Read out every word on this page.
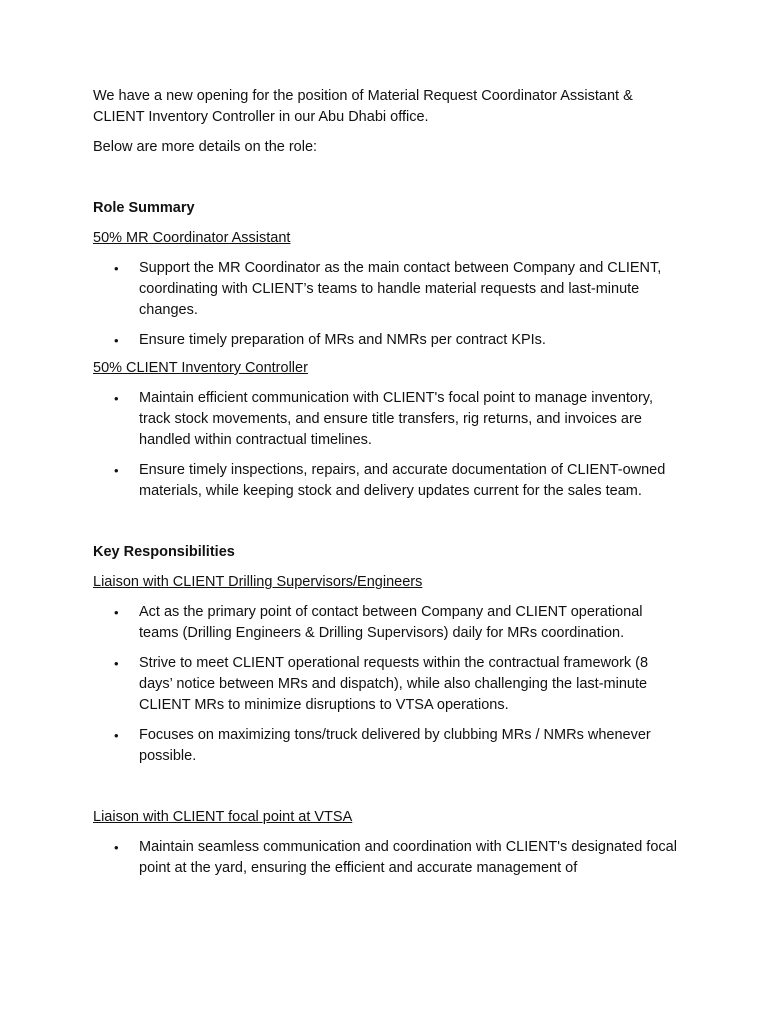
We have a new opening for the position of Material Request Coordinator Assistant & CLIENT Inventory Controller in our Abu Dhabi office.

Below are more details on the role:

Role Summary

50% MR Coordinator Assistant

• Support the MR Coordinator as the main contact between Company and CLIENT, coordinating with CLIENT’s teams to handle material requests and last-minute changes.
• Ensure timely preparation of MRs and NMRs per contract KPIs.

50% CLIENT Inventory Controller

• Maintain efficient communication with CLIENT's focal point to manage inventory, track stock movements, and ensure title transfers, rig returns, and invoices are handled within contractual timelines.
• Ensure timely inspections, repairs, and accurate documentation of CLIENT-owned materials, while keeping stock and delivery updates current for the sales team.

Key Responsibilities

Liaison with CLIENT Drilling Supervisors/Engineers

• Act as the primary point of contact between Company and CLIENT operational teams (Drilling Engineers & Drilling Supervisors) daily for MRs coordination.
• Strive to meet CLIENT operational requests within the contractual framework (8 days’ notice between MRs and dispatch), while also challenging the last-minute CLIENT MRs to minimize disruptions to VTSA operations.
• Focuses on maximizing tons/truck delivered by clubbing MRs / NMRs whenever possible.

Liaison with CLIENT focal point at VTSA

• Maintain seamless communication and coordination with CLIENT's designated focal point at the yard, ensuring the efficient and accurate management of
